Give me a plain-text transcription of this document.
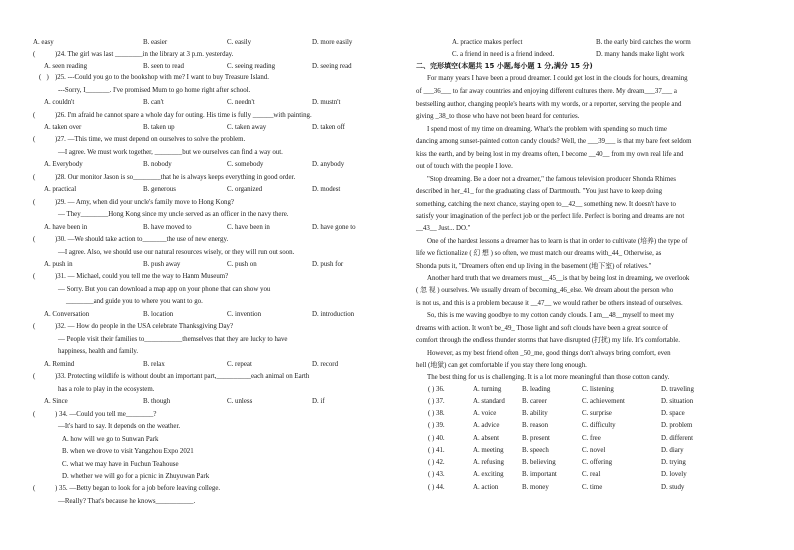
A. easy	B. easier	C. easily	D. more easily
(	)24. The girl was last ________in the library at 3 p.m. yesterday.
A. seen reading	B. seen to read	C. seeing reading	D. seeing read
(   ) )25. ---Could you go to the bookshop with me? I want to buy Treasure Island.
---Sorry, I_______. I've promised Mum to go home right after school.
A. couldn't	B. can't	C. needn't	D. mustn't
(	)26. I'm afraid he cannot spare a whole day for outing. His time is fully ______with painting.
A. taken over	B. taken up	C. taken away	D. taken off
(	)27. —This time, we must depend on ourselves to solve the problem.
—I agree. We must work together, ________but we ourselves can find a way out.
A. Everybody	B. nobody	C. somebody	D. anybody
(	)28. Our monitor Jason is so________that he is always keeps everything in good order.
A. practical	B. generous	C. organized	D. modest
(	)29. — Amy, when did your uncle's family move to Hong Kong?
— They________Hong Kong since my uncle served as an officer in the navy there.
A. have been in	B. have moved to	C. have been in	D. have gone to
(	)30. —We should take action to_______the use of new energy.
—I agree. Also, we should use our natural resources wisely, or they will run out soon.
A. push in	B. push away	C. push on	D. push for
(	)31. — Michael, could you tell me the way to Hanm Museum?
— Sorry. But you can download a map app on your phone that can show you
________and guide you to where you want to go.
A. Conversation	B. location	C. invention	D. introduction
(	)32. — How do people in the USA celebrate Thanksgiving Day?
— People visit their families to___________themselves that they are lucky to have
happiness, health and family.
A. Remind	B. relax	C. repeat	D. record
(	)33. Protecting wildlife is without doubt an important part,__________each animal on Earth
has a role to play in the ecosystem.
A. Since	B. though	C. unless	D. if
(	) 34. —Could you tell me________?
—It's hard to say. It depends on the weather.
A. how will we go to Sunwan Park
B. when we drove to visit Yangzhou Expo 2021
C. what we may have in Fuchun Teahouse
D. whether we will go for a picnic in Zhuyuwan Park
(	) 35. —Betty began to look for a job before leaving college.
—Really? That's because he knows___________.
A. practice makes perfect	B. the early bird catches the worm
C. a friend in need is a friend indeed.	D. many hands make light work
二、完形填空(本题共 15 小题,每小题 1 分,满分 15 分)
For many years I have been a proud dreamer. I could get lost in the clouds for hours, dreaming
of ___36___ to far away countries and enjoying different cultures there. My dream___37___ a
bestselling author, changing people's hearts with my words, or a reporter, serving the people and
giving _38_to those who have not been heard for centuries.
I spend most of my time on dreaming. What's the problem with spending so much time
dancing among sunset-painted cotton candy clouds? Well, the ___39___ is that my bare feet seldom
kiss the earth, and by being lost in my dreams often, I become __40__ from my own real life and
out of touch with the people I love.
"Stop dreaming. Be a doer not a dreamer," the famous television producer Shonda Rhimes
described in her_41_ for the graduating class of Dartmouth. "You just have to keep doing
something, catching the next chance, staying open to__42__ something new. It doesn't have to
satisfy your imagination of the perfect job or the perfect life. Perfect is boring and dreams are not
__43__ Just... DO."
One of the hardest lessons a dreamer has to learn is that in order to cultivate (培养) the type of
life we fictionalize ( 幻 想 ) so often, we must match our dreams with_44_ Otherwise, as
Shonda puts it, "Dreamers often end up living in the basement (地下室) of relatives."
Another hard truth that we dreamers must__45__is that by being lost in dreaming, we overlook
( 忽 视 ) ourselves. We usually dream of becoming_46_else. We dream about the person who
is not us, and this is a problem because it __47__ we would rather be others instead of ourselves.
So, this is me waving goodbye to my cotton candy clouds. I am__48__myself to meet my
dreams with action. It won't be_49_ Those light and soft clouds have been a great source of
comfort through the endless thunder storms that have disrupted (打扰) my life. It's comfortable.
However, as my best friend often _50_me, good things don't always bring comfort, even
hell (地狱) can get comfortable if you stay there long enough.
The best thing for us is challenging. It is a lot more meaningful than those cotton candy.
( ) 36.	A. turning	B. leading	C. listening	D. traveling
( ) 37.	A. standard B. career	C. achievement	D. situation
( ) 38.	A. voice	B. ability	C. surprise	D. space
( ) 39.	A. advice	B. reason	C. difficulty	D. problem
( ) 40.	A. absent	B. present	C. free	D. different
( ) 41.	A. meeting	B. speech	C. novel	D. diary
( ) 42.	A. refusing	B. believing	C. offering	D. trying
( ) 43.	A. exciting	B. important	C. real	D. lovely
( ) 44.	A. action	B. money	C. time	D. study
